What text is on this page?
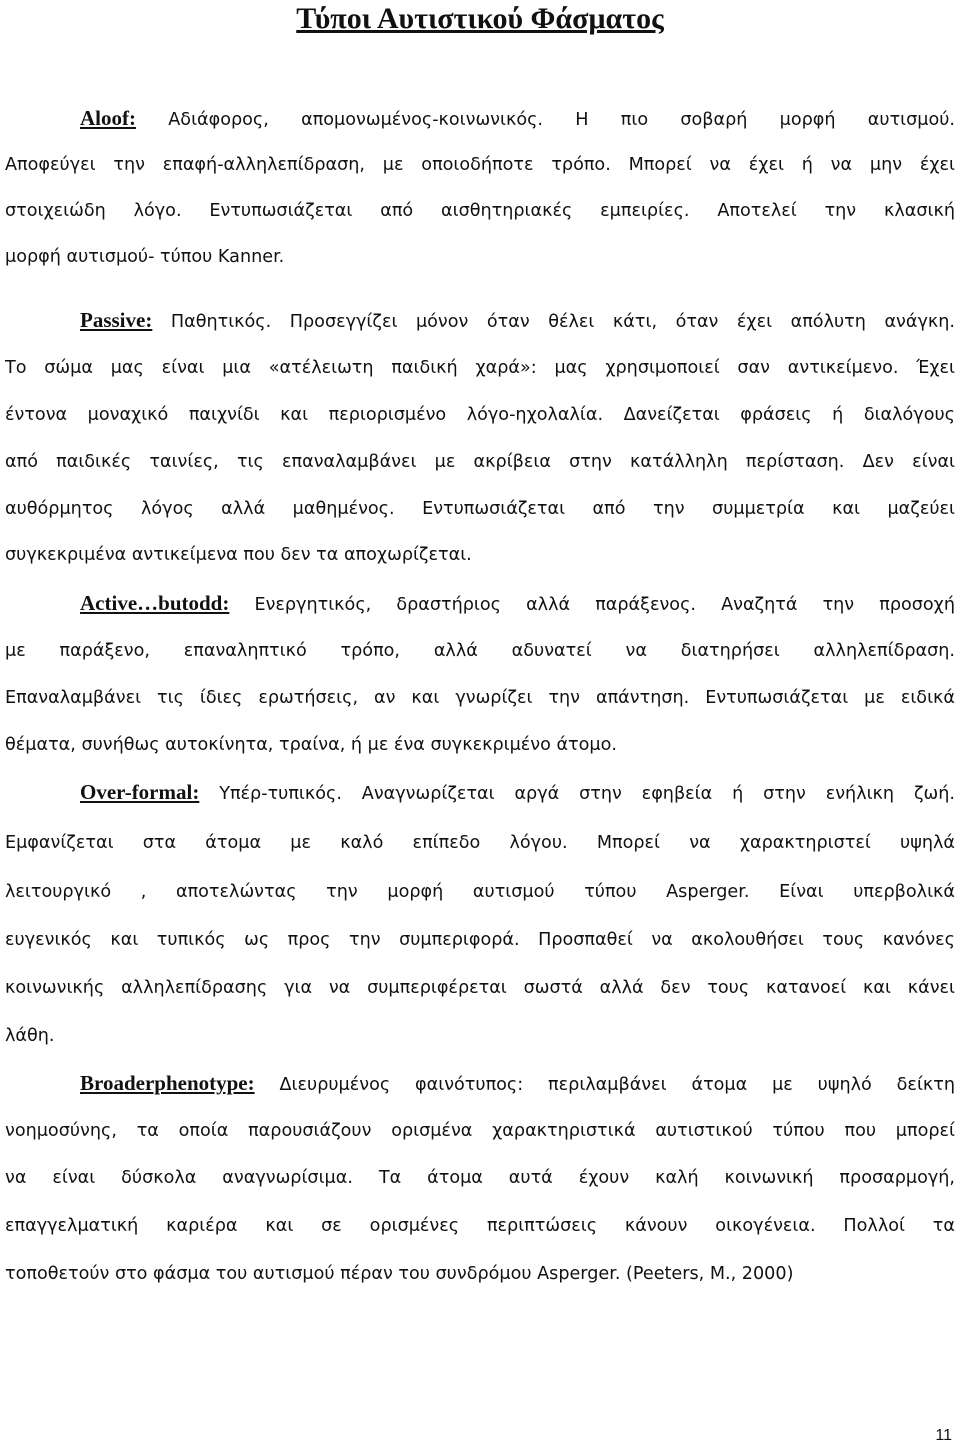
Τύποι Αυτιστικού Φάσματος
Aloof: Αδιάφορος, απομονωμένος-κοινωνικός. Η πιο σοβαρή μορφή αυτισμού.
Αποφεύγει την επαφή-αλληλεπίδραση, με οποιοδήποτε τρόπο. Μπορεί να έχει ή να μην έχει
στοιχειώδη λόγο. Εντυπωσιάζεται από αισθητηριακές εμπειρίες. Αποτελεί την κλασική
μορφή αυτισμού- τύπου Kanner.
Passive: Παθητικός. Προσεγγίζει μόνον όταν θέλει κάτι, όταν έχει απόλυτη ανάγκη.
Το σώμα μας είναι μια «ατέλειωτη παιδική χαρά»: μας χρησιμοποιεί σαν αντικείμενο. Έχει
έντονα μοναχικό παιχνίδι και περιορισμένο λόγο-ηχολαλία. Δανείζεται φράσεις ή διαλόγους
από παιδικές ταινίες, τις επαναλαμβάνει με ακρίβεια στην κατάλληλη περίσταση. Δεν είναι
αυθόρμητος λόγος αλλά μαθημένος. Εντυπωσιάζεται από την συμμετρία και μαζεύει
συγκεκριμένα αντικείμενα που δεν τα αποχωρίζεται.
Active…butodd: Ενεργητικός, δραστήριος αλλά παράξενος. Αναζητά την προσοχή
με παράξενο, επαναληπτικό τρόπο, αλλά αδυνατεί να διατηρήσει αλληλεπίδραση.
Επαναλαμβάνει τις ίδιες ερωτήσεις, αν και γνωρίζει την απάντηση. Εντυπωσιάζεται με ειδικά
θέματα, συνήθως αυτοκίνητα, τραίνα, ή με ένα συγκεκριμένο άτομο.
Over-formal: Υπέρ-τυπικός. Αναγνωρίζεται αργά στην εφηβεία ή στην ενήλικη ζωή.
Εμφανίζεται στα άτομα με καλό επίπεδο λόγου. Μπορεί να χαρακτηριστεί υψηλά
λειτουργικό , αποτελώντας την μορφή αυτισμού τύπου Asperger. Είναι υπερβολικά
ευγενικός και τυπικός ως προς την συμπεριφορά. Προσπαθεί να ακολουθήσει τους κανόνες
κοινωνικής αλληλεπίδρασης για να συμπεριφέρεται σωστά αλλά δεν τους κατανοεί και κάνει
λάθη.
Broaderphenotype: Διευρυμένος φαινότυπος: περιλαμβάνει άτομα με υψηλό δείκτη
νοημοσύνης, τα οποία παρουσιάζουν ορισμένα χαρακτηριστικά αυτιστικού τύπου που μπορεί
να είναι δύσκολα αναγνωρίσιμα. Τα άτομα αυτά έχουν καλή κοινωνική προσαρμογή,
επαγγελματική καριέρα και σε ορισμένες περιπτώσεις κάνουν οικογένεια. Πολλοί τα
τοποθετούν στο φάσμα του αυτισμού πέραν του συνδρόμου Asperger. (Peeters, M., 2000)
11
